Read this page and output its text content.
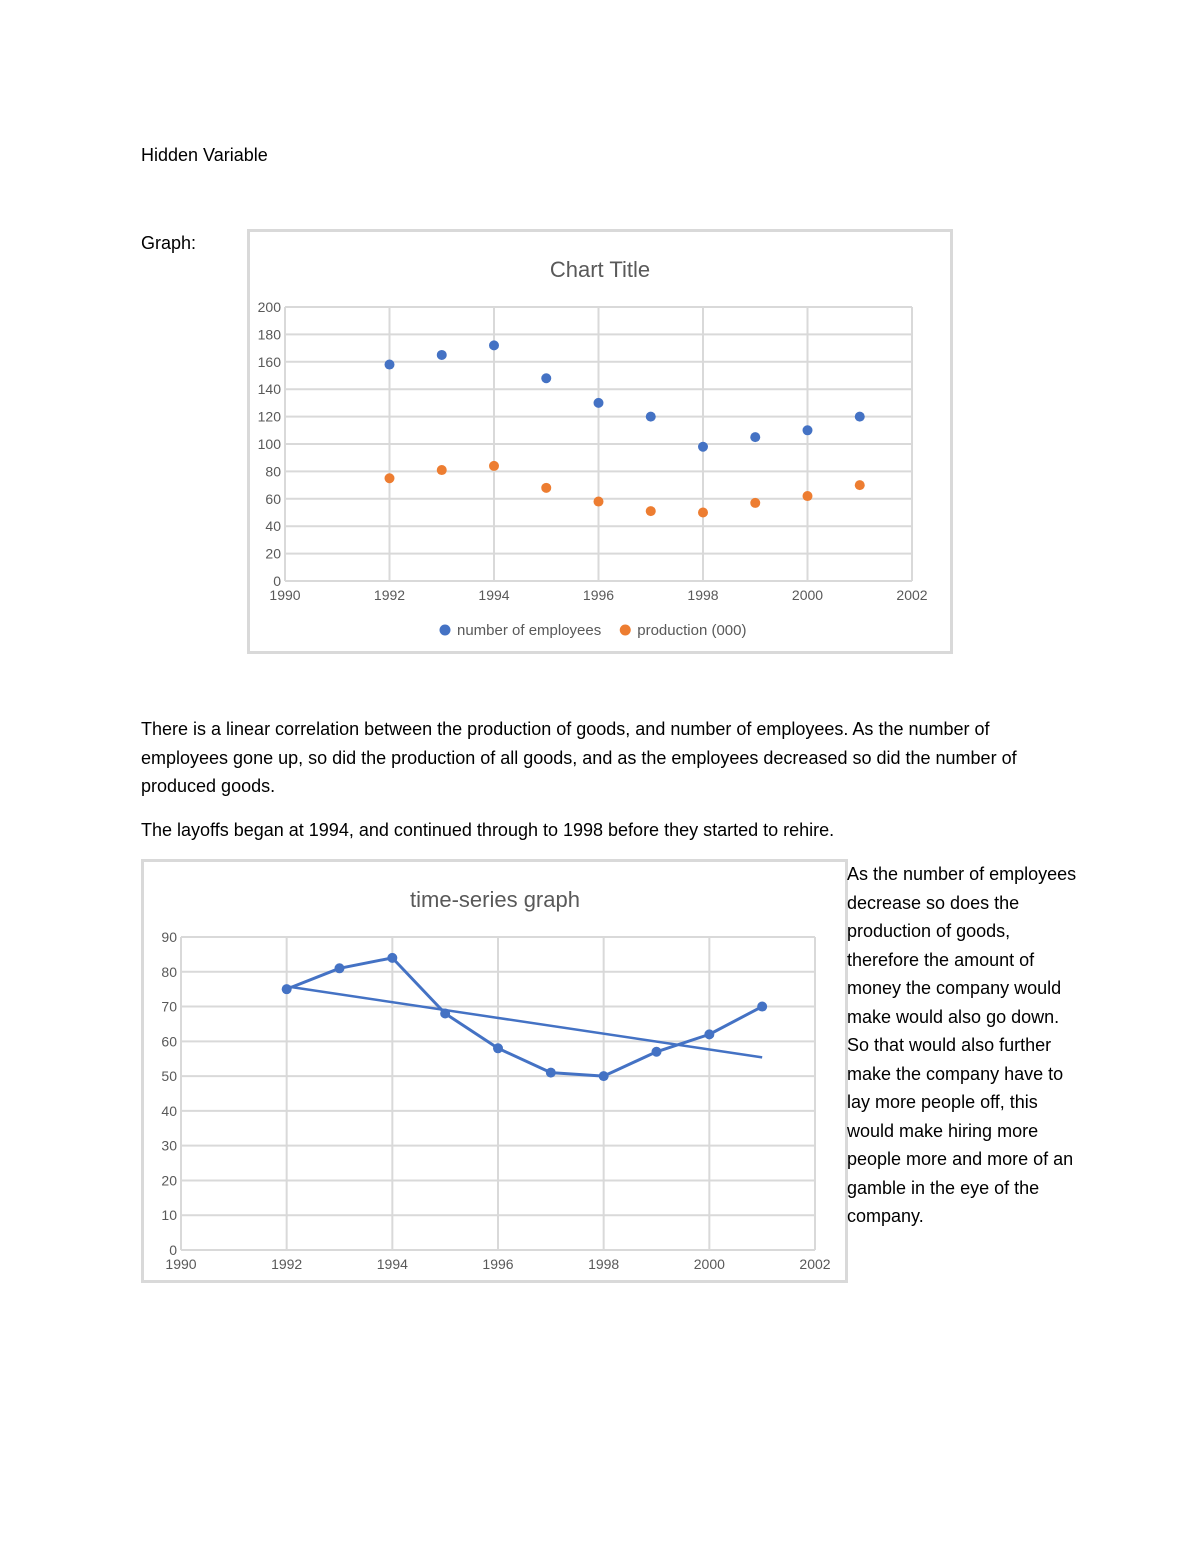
Hidden Variable

Graph:

Chart Title
0
20
40
60
80
100
120
140
160
180
200
1990	1992	1994	1996	1998	2000	2002
number of employees production (000)

There is a linear correlation between the production of goods, and number of employees. As the number of employees gone up, so did the production of all goods, and as the employees decreased so did the number of produced goods.

The layoffs began at 1994, and continued through to 1998 before they started to rehire.

time-series graph
0
10
20
30
40
50
60
70
80
90
1990	1992	1994	1996	1998	2000	2002

As the number of employees decrease so does the production of goods, therefore the amount of money the company would make would also go down. So that would also further make the company have to lay more people off, this would make hiring more people more and more of an gamble in the eye of the company.
